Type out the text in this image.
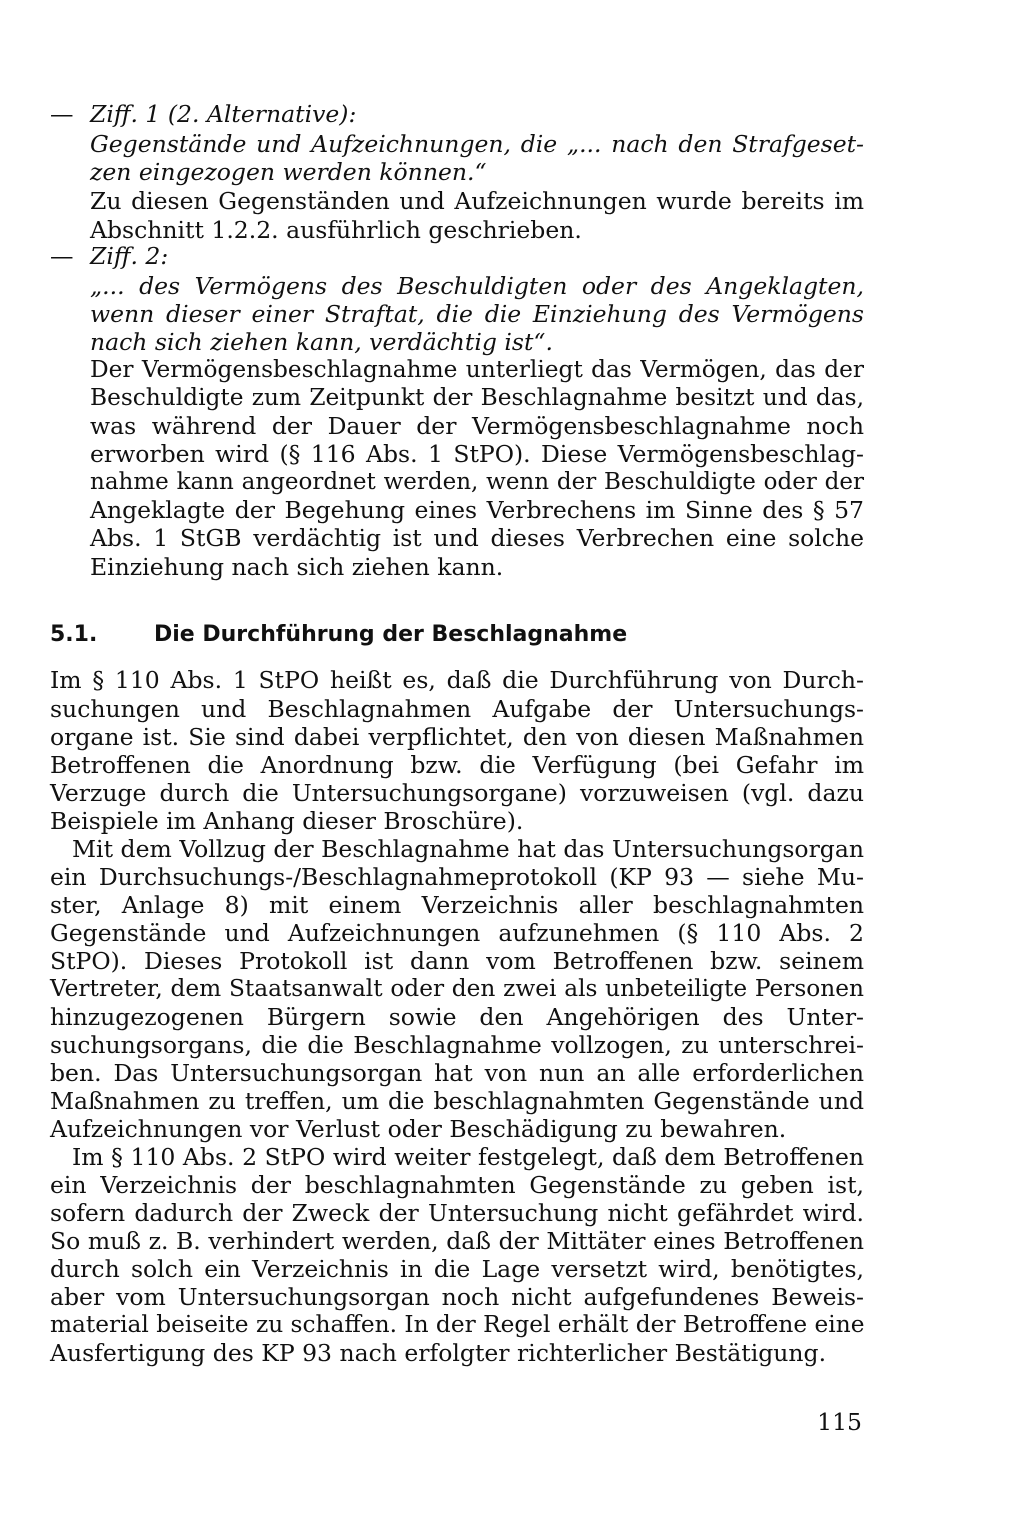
— Ziff. 1 (2. Alternative):
Gegenstände und Aufzeichnungen, die „... nach den Strafgeset-
zen eingezogen werden können.“
Zu diesen Gegenständen und Aufzeichnungen wurde bereits im
Abschnitt 1.2.2. ausführlich geschrieben.
— Ziff. 2:
„... des Vermögens des Beschuldigten oder des Angeklagten,
wenn dieser einer Straftat, die die Einziehung des Vermögens
nach sich ziehen kann, verdächtig ist“.
Der Vermögensbeschlagnahme unterliegt das Vermögen, das der
Beschuldigte zum Zeitpunkt der Beschlagnahme besitzt und das,
was während der Dauer der Vermögensbeschlagnahme noch
erworben wird (§ 116 Abs. 1 StPO). Diese Vermögensbeschlag-
nahme kann angeordnet werden, wenn der Beschuldigte oder der
Angeklagte der Begehung eines Verbrechens im Sinne des § 57
Abs. 1 StGB verdächtig ist und dieses Verbrechen eine solche
Einziehung nach sich ziehen kann.
5.1.	Die Durchführung der Beschlagnahme
Im § 110 Abs. 1 StPO heißt es, daß die Durchführung von Durch-
suchungen und Beschlagnahmen Aufgabe der Untersuchungs-
organe ist. Sie sind dabei verpflichtet, den von diesen Maßnahmen
Betroffenen die Anordnung bzw. die Verfügung (bei Gefahr im
Verzuge durch die Untersuchungsorgane) vorzuweisen (vgl. dazu
Beispiele im Anhang dieser Broschüre).
Mit dem Vollzug der Beschlagnahme hat das Untersuchungsorgan
ein Durchsuchungs-/Beschlagnahmeprotokoll (KP 93 — siehe Mu-
ster, Anlage 8) mit einem Verzeichnis aller beschlagnahmten
Gegenstände und Aufzeichnungen aufzunehmen (§ 110 Abs. 2
StPO). Dieses Protokoll ist dann vom Betroffenen bzw. seinem
Vertreter, dem Staatsanwalt oder den zwei als unbeteiligte Personen
hinzugezogenen Bürgern sowie den Angehörigen des Unter-
suchungsorgans, die die Beschlagnahme vollzogen, zu unterschrei-
ben. Das Untersuchungsorgan hat von nun an alle erforderlichen
Maßnahmen zu treffen, um die beschlagnahmten Gegenstände und
Aufzeichnungen vor Verlust oder Beschädigung zu bewahren.
Im § 110 Abs. 2 StPO wird weiter festgelegt, daß dem Betroffenen
ein Verzeichnis der beschlagnahmten Gegenstände zu geben ist,
sofern dadurch der Zweck der Untersuchung nicht gefährdet wird.
So muß z. B. verhindert werden, daß der Mittäter eines Betroffenen
durch solch ein Verzeichnis in die Lage versetzt wird, benötigtes,
aber vom Untersuchungsorgan noch nicht aufgefundenes Beweis-
material beiseite zu schaffen. In der Regel erhält der Betroffene eine
Ausfertigung des KP 93 nach erfolgter richterlicher Bestätigung.
115
